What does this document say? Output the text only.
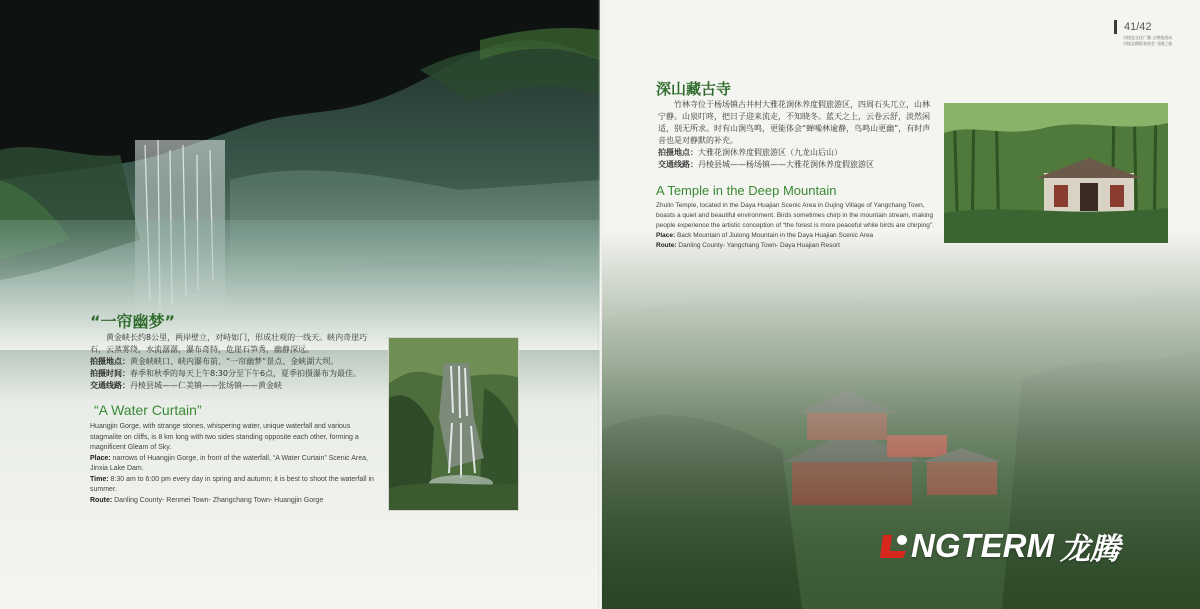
“一帘幽梦”

黄金峡长约8公里，两岸壁立，对峙如门，形成壮观的一线天。峡内奇崖巧石，云蒸雾绕，水流潺潺，瀑布奇特，危崖石笋秀，幽静深远。

拍摄地点：黄金峡峡口、峡内瀑布前、“一帘幽梦”景点、金峡湖大坝。

拍摄时间：春季和秋季的每天上午8:30分至下午6点，夏季拍摄瀑布为最佳。

交通线路：丹棱县城——仁美镇——张场镇——黄金峡

“A Water Curtain”

Huangjin Gorge, with strange stones, whispering water, unique waterfall and various stagmalite on cliffs, is 8 km long with two sides standing opposite each other, forming a magnificent Gleam of Sky.

Place: narrows of Huangjin Gorge, in front of the waterfall, “A Water Curtain” Scenic Area, Jinxia Lake Dam.

Time: 8:30 am to 6:00 pm every day in spring and autumn; it is best to shoot the waterfall in summer.

Route: Danling County- Renmei Town- Zhangchang Town- Huangjin Gorge

41/42
丹棱县文化广播 文物旅游局
丹棱县摄影家协会 书画之旅
深山藏古寺

竹林寺位于杨场镇古井村大雅花涧休养度假旅游区，四周石头兀立，山林宁静。山泉叮咚，把日子迎来流走，不知晓冬。蓝天之上，云卷云舒，淡然闲适，别无所求。时有山涧鸟鸣，更能体会“蝉噪林逾静，鸟鸣山更幽”，有时声音也是对静默的补充。

拍摄地点：大雅花涧休养度假旅游区（九龙山后山）

交通线路：丹棱县城——杨场镇——大雅花涧休养度假旅游区

A Temple in the Deep Mountain

Zhulin Temple, located in the Daya Huajian Scenic Area in Gujing Village of Yangchang Town, boasts a quiet and beautiful environment. Birds sometimes chirp in the mountain stream, making people experience the artistic conception of “the forest is more peaceful while birds are chirping”.

Place: Back Mountain of Jiulong Mountain in the Daya Huajian Scenic Area

Route: Danling County- Yangchang Town- Daya Huajian Resort

NGTERM 龙腾
